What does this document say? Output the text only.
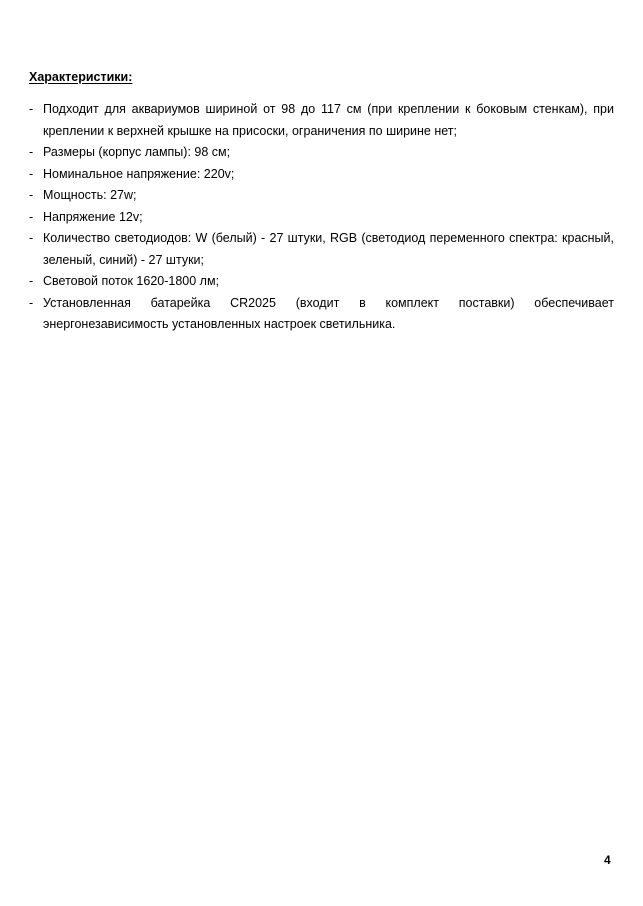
Характеристики:
- Подходит для аквариумов шириной от 98 до 117 см (при креплении к боковым стенкам), при креплении к верхней крышке на присоски, ограничения по ширине нет;
- Размеры (корпус лампы): 98 см;
- Номинальное напряжение: 220v;
- Мощность: 27w;
- Напряжение 12v;
- Количество светодиодов: W (белый) - 27 штуки, RGB (светодиод переменного спектра: красный, зеленый, синий) - 27 штуки;
- Световой поток 1620-1800 лм;
- Установленная батарейка CR2025 (входит в комплект поставки) обеспечивает энергонезависимость установленных настроек светильника.
4
